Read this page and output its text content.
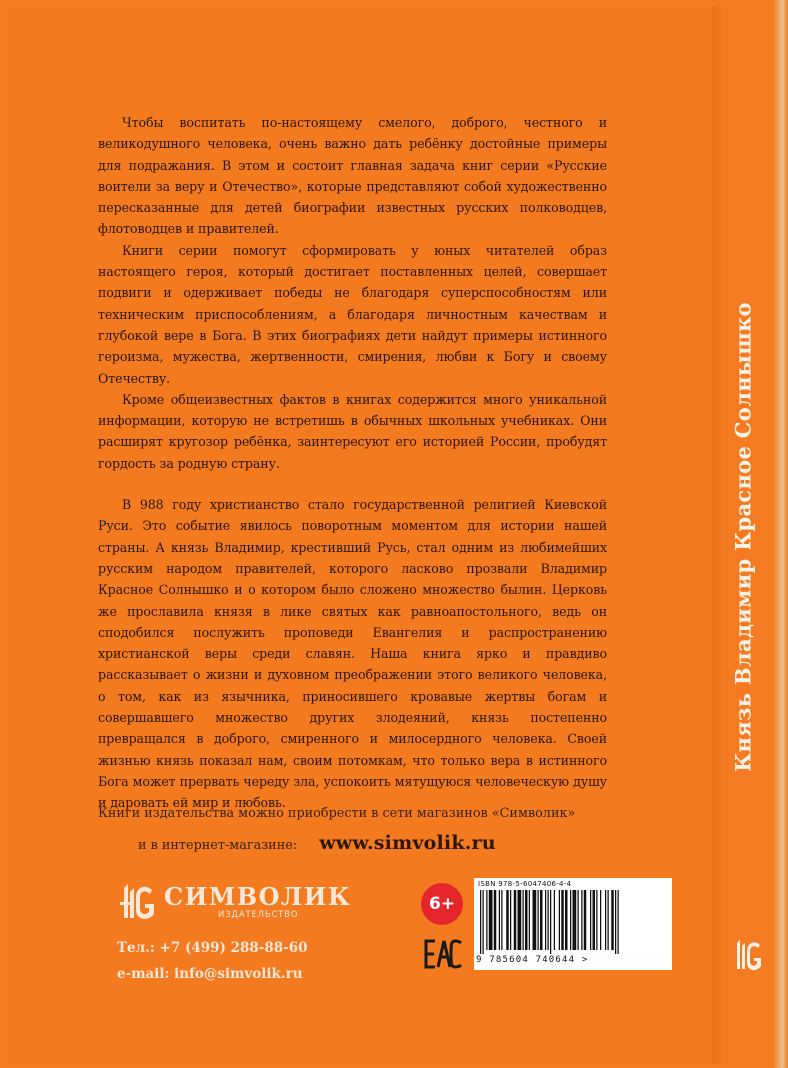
Чтобы воспитать по-настоящему смелого, доброго, честного и великодушного человека, очень важно дать ребёнку достойные примеры для подражания. В этом и состоит главная задача книг серии «Русские воители за веру и Отечество», которые представляют собой художественно пересказанные для детей биографии известных русских полководцев, флотоводцев и правителей.

Книги серии помогут сформировать у юных читателей образ настоящего героя, который достигает поставленных целей, совершает подвиги и одерживает победы не благодаря суперспособностям или техническим приспособлениям, а благодаря личностным качествам и глубокой вере в Бога. В этих биографиях дети найдут примеры истинного героизма, мужества, жертвенности, смирения, любви к Богу и своему Отечеству.

Кроме общеизвестных фактов в книгах содержится много уникальной информации, которую не встретишь в обычных школьных учебниках. Они расширят кругозор ребёнка, заинтересуют его историей России, пробудят гордость за родную страну.

В 988 году христианство стало государственной религией Киевской Руси. Это событие явилось поворотным моментом для истории нашей страны. А князь Владимир, крестивший Русь, стал одним из любимейших русским народом правителей, которого ласково прозвали Владимир Красное Солнышко и о котором было сложено множество былин. Церковь же прославила князя в лике святых как равноапостольного, ведь он сподобился послужить проповеди Евангелия и распространению христианской веры среди славян. Наша книга ярко и правдиво рассказывает о жизни и духовном преображении этого великого человека, о том, как из язычника, приносившего кровавые жертвы богам и совершавшего множество других злодеяний, князь постепенно превращался в доброго, смиренного и милосердного человека. Своей жизнью князь показал нам, своим потомкам, что только вера в истинного Бога может прервать череду зла, успокоить мятущуюся человеческую душу и даровать ей мир и любовь.

Книги издательства можно приобрести в сети магазинов «Символик»
и в интернет-магазине: www.simvolik.ru
СИМВОЛИК
ИЗДАТЕЛЬСТВО
Тел.: +7 (499) 288-88-60
e-mail: info@simvolik.ru
6+
ISBN 978-5-6047406-4-4
9 785604 740644 >
Князь Владимир Красное Солнышко
